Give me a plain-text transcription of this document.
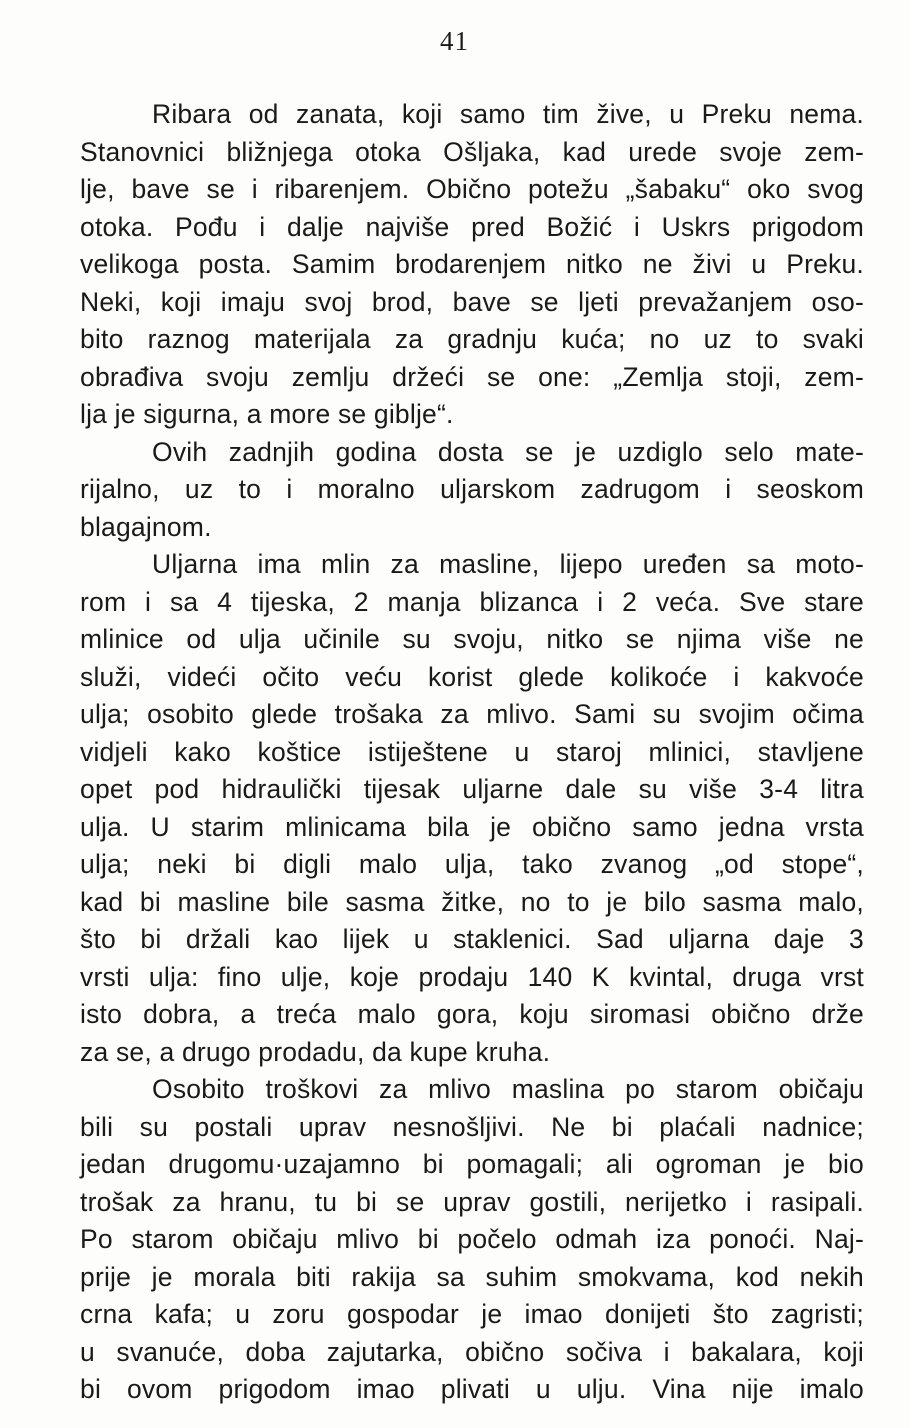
41
Ribara od zanata, koji samo tim žive, u Preku nema.
Stanovnici bližnjega otoka Ošljaka, kad urede svoje zem-
lje, bave se i ribarenjem. Obično potežu „šabaku“ oko svog
otoka. Pođu i dalje najviše pred Božić i Uskrs prigodom
velikoga posta. Samim brodarenjem nitko ne živi u Preku.
Neki, koji imaju svoj brod, bave se ljeti prevažanjem oso-
bito raznog materijala za gradnju kuća; no uz to svaki
obrađiva svoju zemlju držeći se one: „Zemlja stoji, zem-
lja je sigurna, a more se giblje“.
Ovih zadnjih godina dosta se je uzdiglo selo mate-
rijalno, uz to i moralno uljarskom zadrugom i seoskom
blagajnom.
Uljarna ima mlin za masline, lijepo uređen sa moto-
rom i sa 4 tijeska, 2 manja blizanca i 2 veća. Sve stare
mlinice od ulja učinile su svoju, nitko se njima više ne
služi, videći očito veću korist glede kolikoće i kakvoće
ulja; osobito glede trošaka za mlivo. Sami su svojim očima
vidjeli kako koštice istiještene u staroj mlinici, stavljene
opet pod hidraulički tijesak uljarne dale su više 3-4 litra
ulja. U starim mlinicama bila je obično samo jedna vrsta
ulja; neki bi digli malo ulja, tako zvanog „od stope“,
kad bi masline bile sasma žitke, no to je bilo sasma malo,
što bi držali kao lijek u staklenici. Sad uljarna daje 3
vrsti ulja: fino ulje, koje prodaju 140 K kvintal, druga vrst
isto dobra, a treća malo gora, koju siromasi obično drže
za se, a drugo prodadu, da kupe kruha.
Osobito troškovi za mlivo maslina po starom običaju
bili su postali uprav nesnošljivi. Ne bi plaćali nadnice;
jedan drugomu·uzajamno bi pomagali; ali ogroman je bio
trošak za hranu, tu bi se uprav gostili, nerijetko i rasipali.
Po starom običaju mlivo bi počelo odmah iza ponoći. Naj-
prije je morala biti rakija sa suhim smokvama, kod nekih
crna kafa; u zoru gospodar je imao donijeti što zagristi;
u svanuće, doba zajutarka, obično sočiva i bakalara, koji
bi ovom prigodom imao plivati u ulju. Vina nije imalo
